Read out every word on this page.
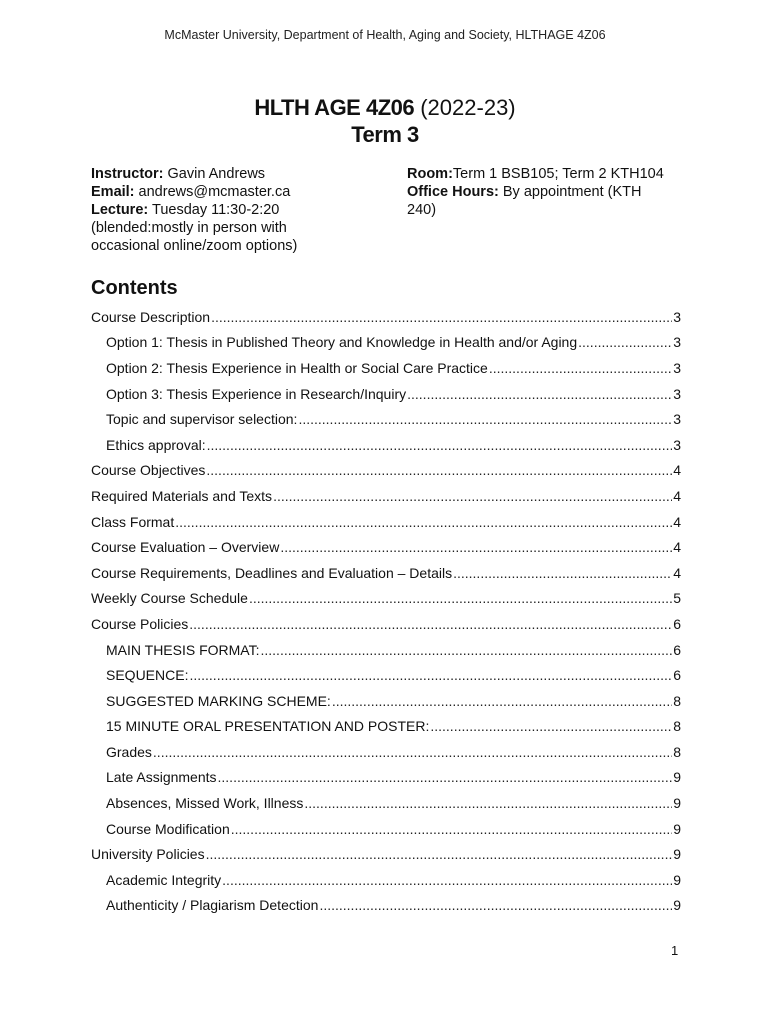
McMaster University, Department of Health, Aging and Society, HLTHAGE 4Z06
HLTH AGE 4Z06 (2022-23)
Term 3
Instructor: Gavin Andrews
Email: andrews@mcmaster.ca
Lecture: Tuesday 11:30-2:20
(blended:mostly in person with
occasional online/zoom options)
Room:Term 1 BSB105; Term 2 KTH104
Office Hours: By appointment (KTH
240)
Contents
Course Description .....	3
Option 1: Thesis in Published Theory and Knowledge in Health and/or Aging .....	3
Option 2: Thesis Experience in Health or Social Care Practice .....	3
Option 3: Thesis Experience in Research/Inquiry .....	3
Topic and supervisor selection: .....	3
Ethics approval: .....	3
Course Objectives .....	4
Required Materials and Texts .....	4
Class Format .....	4
Course Evaluation – Overview .....	4
Course Requirements, Deadlines and Evaluation – Details .....	4
Weekly Course Schedule .....	5
Course Policies .....	6
MAIN THESIS FORMAT: .....	6
SEQUENCE: .....	6
SUGGESTED MARKING SCHEME: .....	8
15 MINUTE ORAL PRESENTATION AND POSTER: .....	8
Grades .....	8
Late Assignments .....	9
Absences, Missed Work, Illness .....	9
Course Modification .....	9
University Policies .....	9
Academic Integrity .....	9
Authenticity / Plagiarism Detection .....	9
1
